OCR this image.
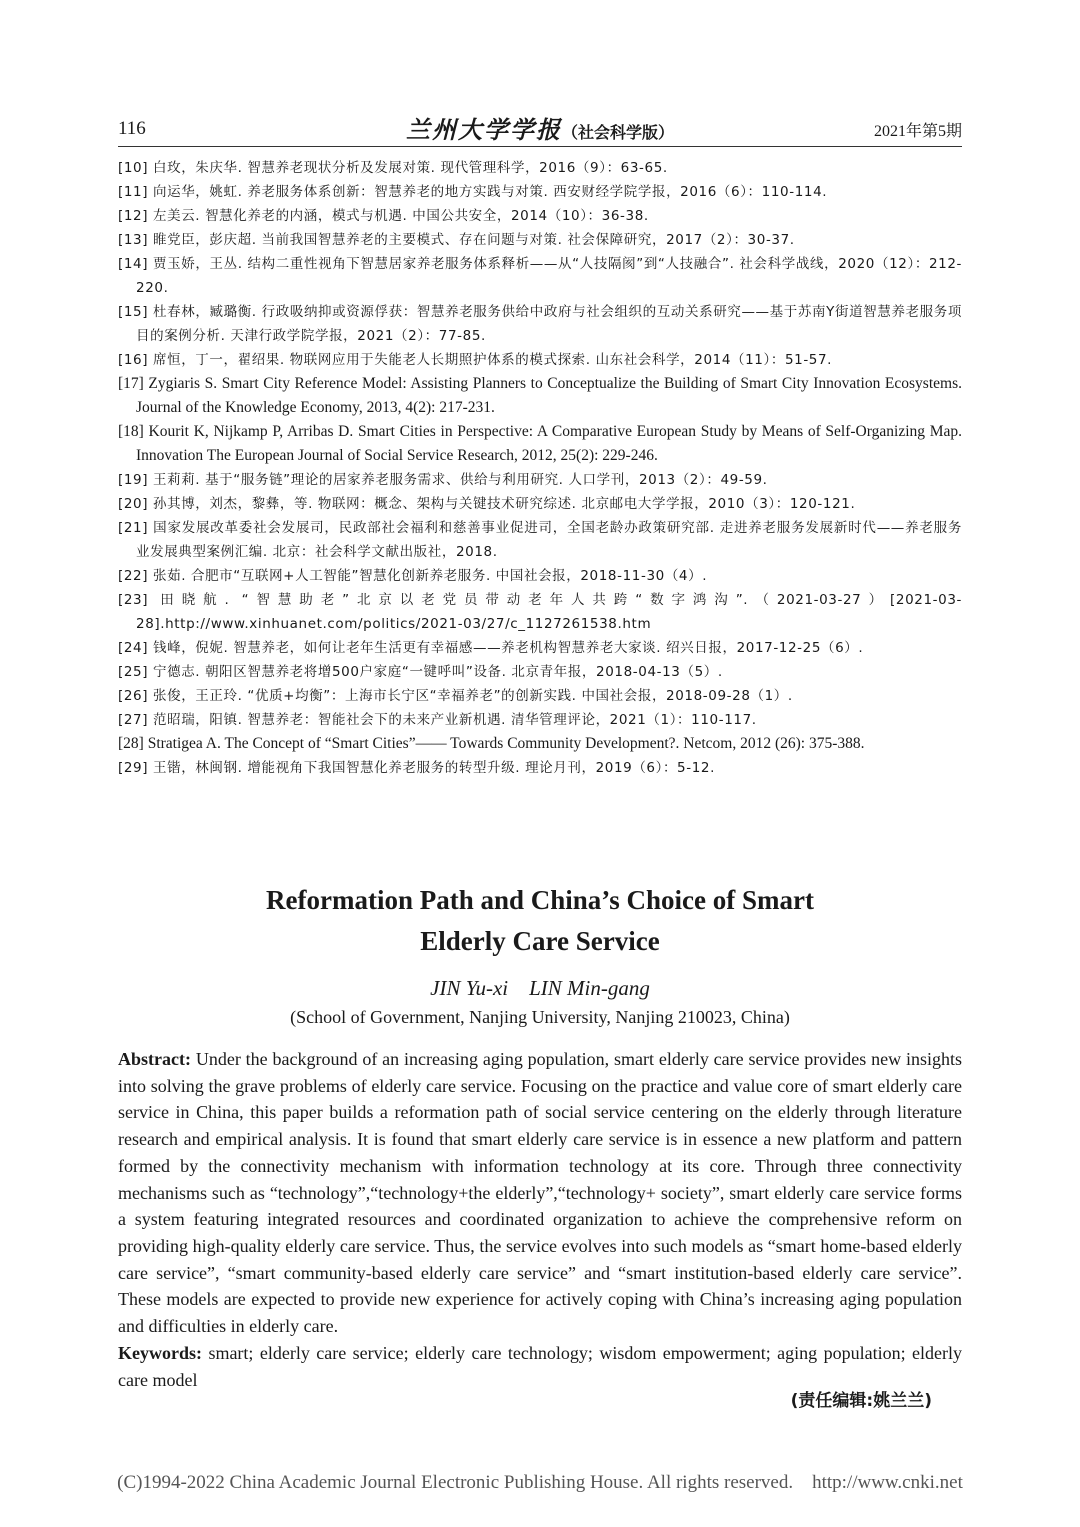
116	兰州大学学报（社会科学版）	2021年第5期
[10] 白玫，朱庆华. 智慧养老现状分析及发展对策. 现代管理科学，2016（9）：63-65.
[11] 向运华，姚虹. 养老服务体系创新：智慧养老的地方实践与对策. 西安财经学院学报，2016（6）：110-114.
[12] 左美云. 智慧化养老的内涵，模式与机遇. 中国公共安全，2014（10）：36-38.
[13] 睢党臣，彭庆超. 当前我国智慧养老的主要模式、存在问题与对策. 社会保障研究，2017（2）：30-37.
[14] 贾玉娇，王丛. 结构二重性视角下智慧居家养老服务体系释析——从“人技隔阂”到“人技融合”. 社会科学战线，2020（12）：212-220.
[15] 杜春林，臧璐衡. 行政吸纳抑或资源俘获：智慧养老服务供给中政府与社会组织的互动关系研究——基于苏南Y街道智慧养老服务项目的案例分析. 天津行政学院学报，2021（2）：77-85.
[16] 席恒，丁一，翟绍果. 物联网应用于失能老人长期照护体系的模式探索. 山东社会科学，2014（11）：51-57.
[17] Zygiaris S. Smart City Reference Model: Assisting Planners to Conceptualize the Building of Smart City Innovation Ecosystems. Journal of the Knowledge Economy, 2013, 4(2): 217-231.
[18] Kourit K, Nijkamp P, Arribas D. Smart Cities in Perspective: A Comparative European Study by Means of Self-Organizing Map. Innovation The European Journal of Social Service Research, 2012, 25(2): 229-246.
[19] 王莉莉. 基于“服务链”理论的居家养老服务需求、供给与利用研究. 人口学刊，2013（2）：49-59.
[20] 孙其博，刘杰，黎彝，等. 物联网：概念、架构与关键技术研究综述. 北京邮电大学学报，2010（3）：120-121.
[21] 国家发展改革委社会发展司，民政部社会福利和慈善事业促进司，全国老龄办政策研究部. 走进养老服务发展新时代——养老服务业发展典型案例汇编. 北京：社会科学文献出版社，2018.
[22] 张茹. 合肥市“互联网+人工智能”智慧化创新养老服务. 中国社会报，2018-11-30（4）.
[23] 田晓航. “智慧助老”北京以老党员带动老年人共跨“数字鸿沟”.（2021-03-27）[2021-03-28].http://www.xinhuanet.com/politics/2021-03/27/c_1127261538.htm
[24] 钱峰，倪妮. 智慧养老，如何让老年生活更有幸福感——养老机构智慧养老大家谈. 绍兴日报，2017-12-25（6）.
[25] 宁德志. 朝阳区智慧养老将增500户家庭“一键呼叫”设备. 北京青年报，2018-04-13（5）.
[26] 张俊，王正玲. “优质+均衡”：上海市长宁区“幸福养老”的创新实践. 中国社会报，2018-09-28（1）.
[27] 范昭瑞，阳镇. 智慧养老：智能社会下的未来产业新机遇. 清华管理评论，2021（1）：110-117.
[28] Stratigea A. The Concept of “Smart Cities”—— Towards Community Development?. Netcom, 2012 (26): 375-388.
[29] 王锴，林闽钢. 增能视角下我国智慧化养老服务的转型升级. 理论月刊，2019（6）：5-12.
Reformation Path and China’s Choice of Smart
Elderly Care Service
JIN Yu-xi    LIN Min-gang
(School of Government, Nanjing University, Nanjing 210023, China)
Abstract: Under the background of an increasing aging population, smart elderly care service provides new insights into solving the grave problems of elderly care service. Focusing on the practice and value core of smart elderly care service in China, this paper builds a reformation path of social service centering on the elderly through literature research and empirical analysis. It is found that smart elderly care service is in essence a new platform and pattern formed by the connectivity mechanism with information technology at its core. Through three connectivity mechanisms such as “technology”,“technology+the elderly”,“technology+ society”, smart elderly care service forms a system featuring integrated resources and coordinated organization to achieve the comprehensive reform on providing high-quality elderly care service. Thus, the service evolves into such models as “smart home-based elderly care service”, “smart community-based elderly care service” and “smart institution-based elderly care service”. These models are expected to provide new experience for actively coping with China’s increasing aging population and difficulties in elderly care.
Keywords: smart; elderly care service; elderly care technology; wisdom empowerment; aging population; elderly care model
(责任编辑:姚兰兰)
(C)1994-2022 China Academic Journal Electronic Publishing House. All rights reserved.    http://www.cnki.net
